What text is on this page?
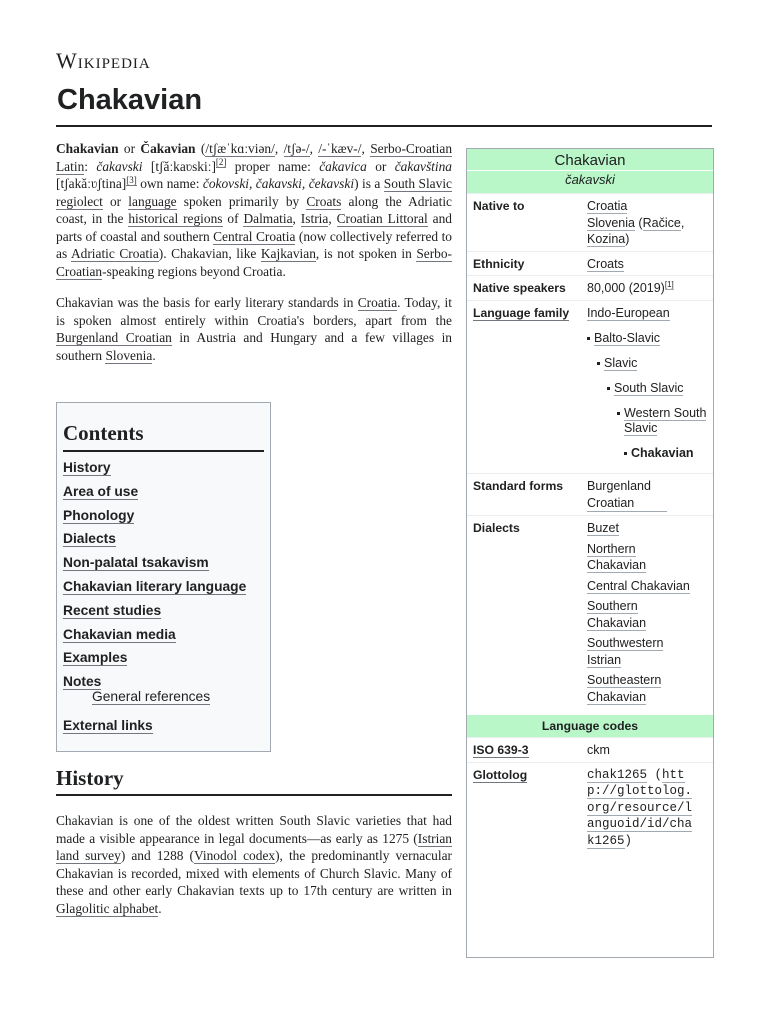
Wikipedia
Chakavian

Chakavian or Čakavian (/tʃæˈkɑːviən/, /tʃə-/, /-ˈkæv-/, Serbo-Croatian Latin: čakavski [tʃǎːkaʋskiː][2] proper name: čakavica or čakavština [tʃakǎːʋʃtina][3] own name: čokovski, čakavski, čekavski) is a South Slavic regiolect or language spoken primarily by Croats along the Adriatic coast, in the historical regions of Dalmatia, Istria, Croatian Littoral and parts of coastal and southern Central Croatia (now collectively referred to as Adriatic Croatia). Chakavian, like Kajkavian, is not spoken in Serbo-Croatian-speaking regions beyond Croatia.

Chakavian was the basis for early literary standards in Croatia. Today, it is spoken almost entirely within Croatia's borders, apart from the Burgenland Croatian in Austria and Hungary and a few villages in southern Slovenia.

Contents
History
Area of use
Phonology
Dialects
Non-palatal tsakavism
Chakavian literary language
Recent studies
Chakavian media
Examples
Notes
General references
External links
History

Chakavian is one of the oldest written South Slavic varieties that had made a visible appearance in legal documents—as early as 1275 (Istrian land survey) and 1288 (Vinodol codex), the predominantly vernacular Chakavian is recorded, mixed with elements of Church Slavic. Many of these and other early Chakavian texts up to 17th century are written in Glagolitic alphabet.

Chakavian
čakavski
Native to	Croatia
Slovenia (Račice,
Kozina)
Ethnicity	Croats
Native speakers	80,000 (2019)[1]
Language family	Indo-European
Balto-Slavic
Slavic
South Slavic
Western South Slavic
Chakavian
Standard forms	Burgenland Croatian
Dialects	Buzet
Northern Chakavian
Central Chakavian
Southern Chakavian
Southwestern Istrian
Southeastern Chakavian
Language codes
ISO 639-3	ckm
Glottolog	chak1265 (http://glottolog.org/resource/languoid/id/chak1265)
